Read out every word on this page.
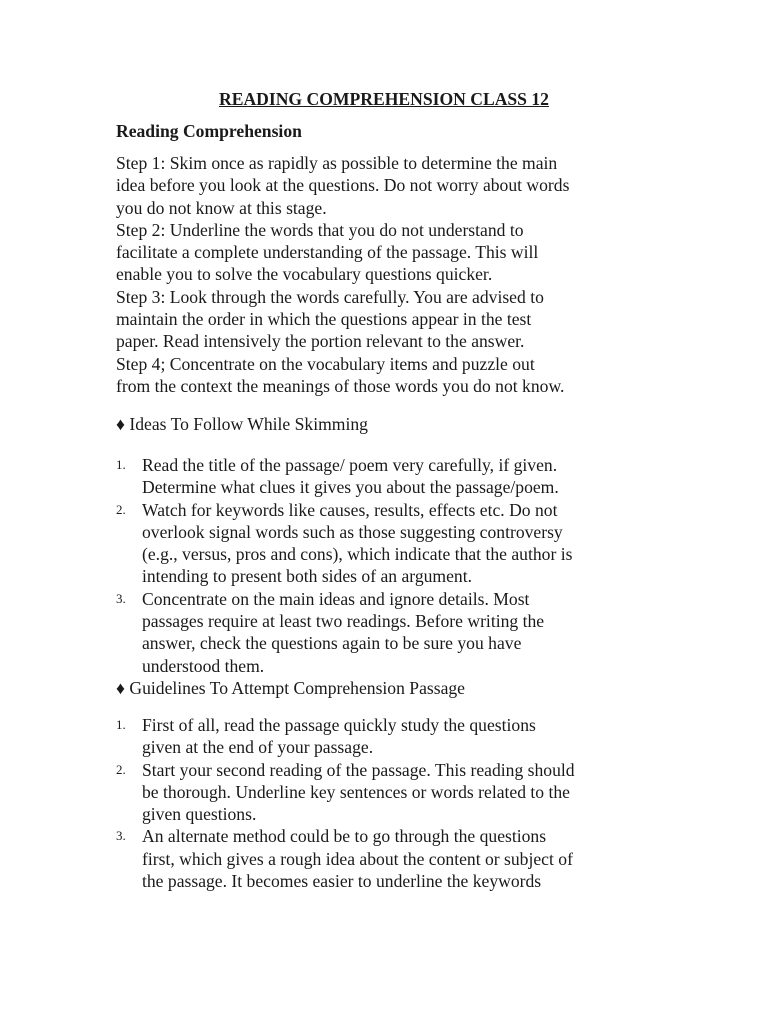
READING COMPREHENSION CLASS 12
Reading Comprehension
Step 1: Skim once as rapidly as possible to determine the main
idea before you look at the questions. Do not worry about words
you do not know at this stage.
Step 2: Underline the words that you do not understand to
facilitate a complete understanding of the passage. This will
enable you to solve the vocabulary questions quicker.
Step 3: Look through the words carefully. You are advised to
maintain the order in which the questions appear in the test
paper. Read intensively the portion relevant to the answer.
Step 4; Concentrate on the vocabulary items and puzzle out
from the context the meanings of those words you do not know.
♦ Ideas To Follow While Skimming
1. Read the title of the passage/ poem very carefully, if given.
Determine what clues it gives you about the passage/poem.
2. Watch for keywords like causes, results, effects etc. Do not
overlook signal words such as those suggesting controversy
(e.g., versus, pros and cons), which indicate that the author is
intending to present both sides of an argument.
3. Concentrate on the main ideas and ignore details. Most
passages require at least two readings. Before writing the
answer, check the questions again to be sure you have
understood them.
♦ Guidelines To Attempt Comprehension Passage
1. First of all, read the passage quickly study the questions
given at the end of your passage.
2. Start your second reading of the passage. This reading should
be thorough. Underline key sentences or words related to the
given questions.
3. An alternate method could be to go through the questions
first, which gives a rough idea about the content or subject of
the passage. It becomes easier to underline the keywords
